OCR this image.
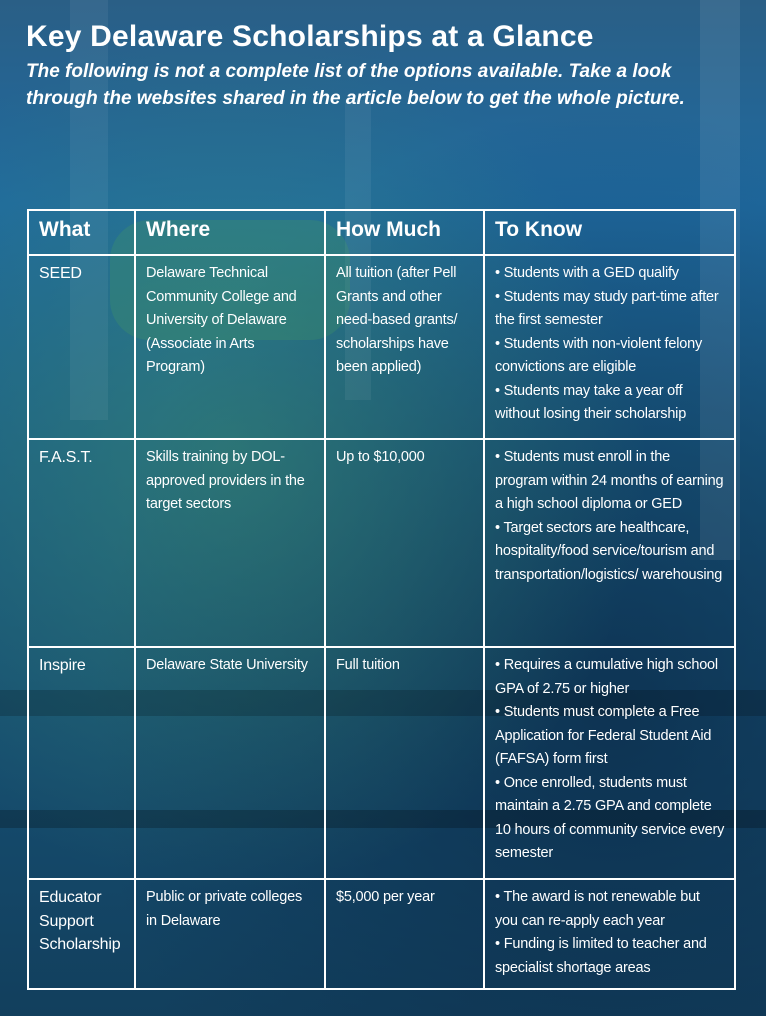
Key Delaware Scholarships at a Glance

The following is not a complete list of the options available. Take a look through the websites shared in the article below to get the whole picture.

What	Where	How Much	To Know
SEED	Delaware Technical Community College and University of Delaware (Associate in Arts Program)	All tuition (after Pell Grants and other need-based grants/ scholarships have been applied)	• Students with a GED qualify
• Students may study part-time after the first semester
• Students with non-violent felony convictions are eligible
• Students may take a year off without losing their scholarship

F.A.S.T.	Skills training by DOL-approved providers in the target sectors	Up to $10,000	• Students must enroll in the program within 24 months of earning a high school diploma or GED
• Target sectors are healthcare, hospitality/food service/tourism and transportation/logistics/ warehousing

Inspire	Delaware State University	Full tuition	• Requires a cumulative high school GPA of 2.75 or higher
• Students must complete a Free Application for Federal Student Aid (FAFSA) form first
• Once enrolled, students must maintain a 2.75 GPA and complete 10 hours of community service every semester

Educator Support Scholarship	Public or private colleges in Delaware	$5,000 per year	• The award is not renewable but you can re-apply each year
• Funding is limited to teacher and specialist shortage areas
